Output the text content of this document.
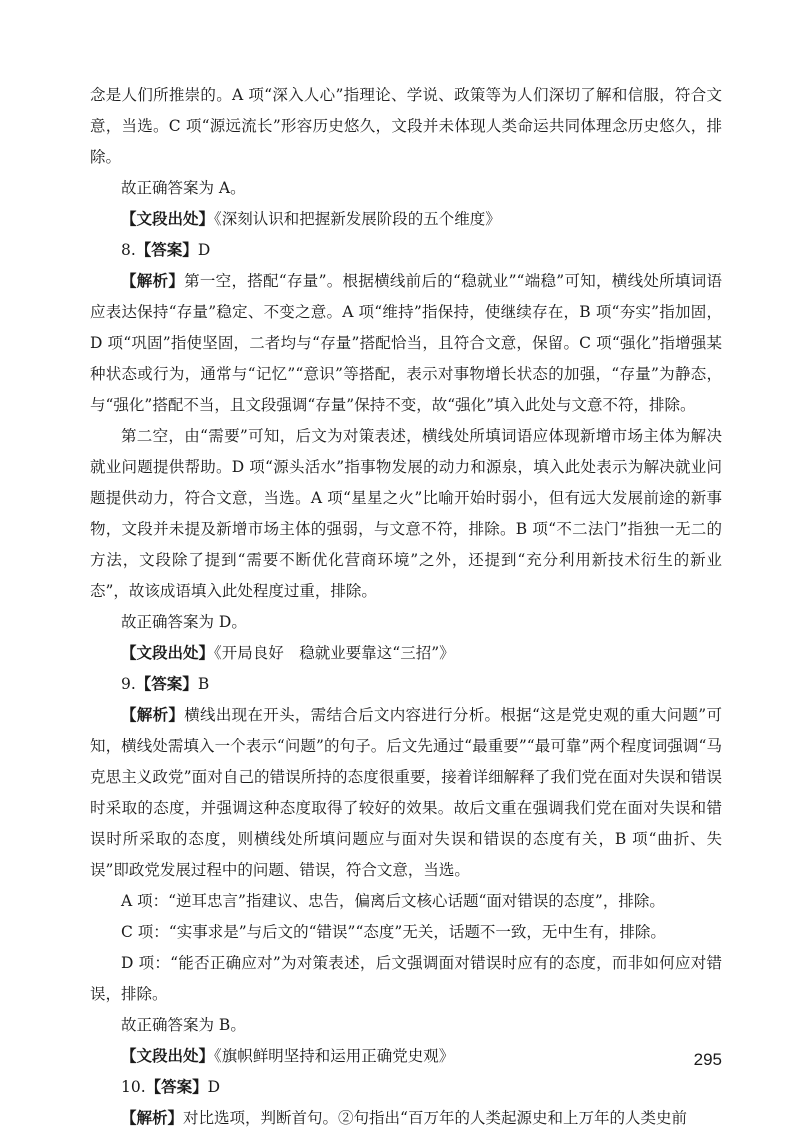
念是人们所推崇的。A 项“深入人心”指理论、学说、政策等为人们深切了解和信服，符合文意，当选。C 项“源远流长”形容历史悠久，文段并未体现人类命运共同体理念历史悠久，排除。

故正确答案为 A。

【文段出处】《深刻认识和把握新发展阶段的五个维度》

8.【答案】D

【解析】第一空，搭配“存量”。根据横线前后的“稳就业”“端稳”可知，横线处所填词语应表达保持“存量”稳定、不变之意。A 项“维持”指保持，使继续存在，B 项“夯实”指加固，D 项“巩固”指使坚固，二者均与“存量”搭配恰当，且符合文意，保留。C 项“强化”指增强某种状态或行为，通常与“记忆”“意识”等搭配，表示对事物增长状态的加强，“存量”为静态，与“强化”搭配不当，且文段强调“存量”保持不变，故“强化”填入此处与文意不符，排除。

第二空，由“需要”可知，后文为对策表述，横线处所填词语应体现新增市场主体为解决就业问题提供帮助。D 项“源头活水”指事物发展的动力和源泉，填入此处表示为解决就业问题提供动力，符合文意，当选。A 项“星星之火”比喻开始时弱小，但有远大发展前途的新事物，文段并未提及新增市场主体的强弱，与文意不符，排除。B 项“不二法门”指独一无二的方法，文段除了提到“需要不断优化营商环境”之外，还提到“充分利用新技术衍生的新业态”，故该成语填入此处程度过重，排除。

故正确答案为 D。

【文段出处】《开局良好　稳就业要靠这“三招”》

9.【答案】B

【解析】横线出现在开头，需结合后文内容进行分析。根据“这是党史观的重大问题”可知，横线处需填入一个表示“问题”的句子。后文先通过“最重要”“最可靠”两个程度词强调“马克思主义政党”面对自己的错误所持的态度很重要，接着详细解释了我们党在面对失误和错误时采取的态度，并强调这种态度取得了较好的效果。故后文重在强调我们党在面对失误和错误时所采取的态度，则横线处所填问题应与面对失误和错误的态度有关，B 项“曲折、失误”即政党发展过程中的问题、错误，符合文意，当选。

A 项：“逆耳忠言”指建议、忠告，偏离后文核心话题“面对错误的态度”，排除。

C 项：“实事求是”与后文的“错误”“态度”无关，话题不一致，无中生有，排除。

D 项：“能否正确应对”为对策表述，后文强调面对错误时应有的态度，而非如何应对错误，排除。

故正确答案为 B。

【文段出处】《旗帜鲜明坚持和运用正确党史观》

10.【答案】D

【解析】对比选项，判断首句。②句指出“百万年的人类起源史和上万年的人类史前

295
